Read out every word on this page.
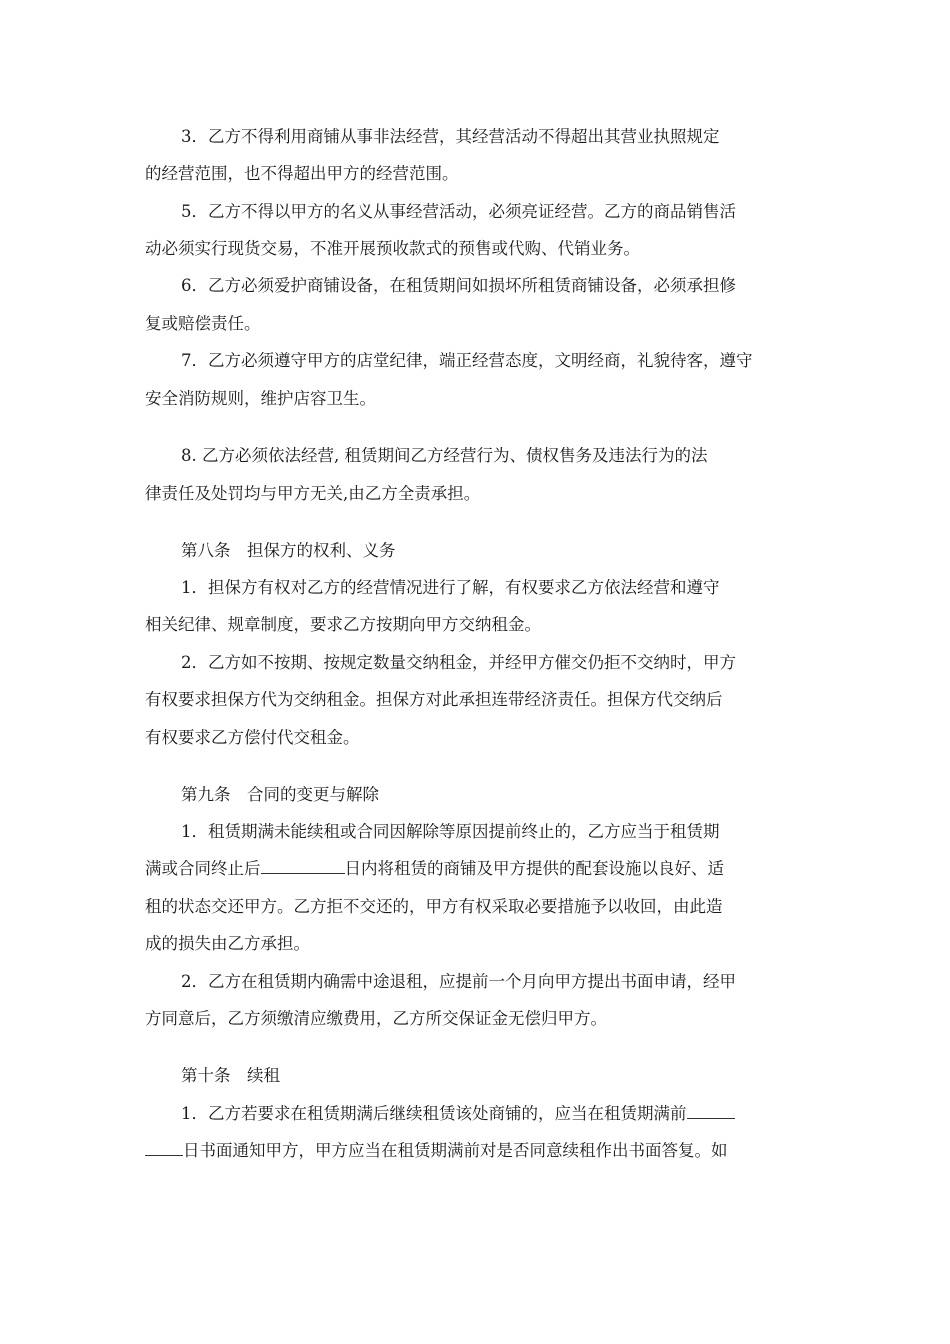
3．乙方不得利用商铺从事非法经营，其经营活动不得超出其营业执照规定
的经营范围，也不得超出甲方的经营范围。
5．乙方不得以甲方的名义从事经营活动，必须亮证经营。乙方的商品销售活
动必须实行现货交易，不准开展预收款式的预售或代购、代销业务。
6．乙方必须爱护商铺设备，在租赁期间如损坏所租赁商铺设备，必须承担修
复或赔偿责任。
7．乙方必须遵守甲方的店堂纪律，端正经营态度，文明经商，礼貌待客，遵守
安全消防规则，维护店容卫生。
8. 乙方必须依法经营, 租赁期间乙方经营行为、债权售务及违法行为的法
律责任及处罚均与甲方无关,由乙方全责承担。
第八条　担保方的权利、义务
1．担保方有权对乙方的经营情况进行了解，有权要求乙方依法经营和遵守
相关纪律、规章制度，要求乙方按期向甲方交纳租金。
2．乙方如不按期、按规定数量交纳租金，并经甲方催交仍拒不交纳时，甲方
有权要求担保方代为交纳租金。担保方对此承担连带经济责任。担保方代交纳后
有权要求乙方偿付代交租金。
第九条　合同的变更与解除
1．租赁期满未能续租或合同因解除等原因提前终止的，乙方应当于租赁期
满或合同终止后	日内将租赁的商铺及甲方提供的配套设施以良好、适
租的状态交还甲方。乙方拒不交还的，甲方有权采取必要措施予以收回，由此造
成的损失由乙方承担。
2．乙方在租赁期内确需中途退租，应提前一个月向甲方提出书面申请，经甲
方同意后，乙方须缴清应缴费用，乙方所交保证金无偿归甲方。
第十条　续租
1．乙方若要求在租赁期满后继续租赁该处商铺的，应当在租赁期满前
日书面通知甲方，甲方应当在租赁期满前对是否同意续租作出书面答复。如
